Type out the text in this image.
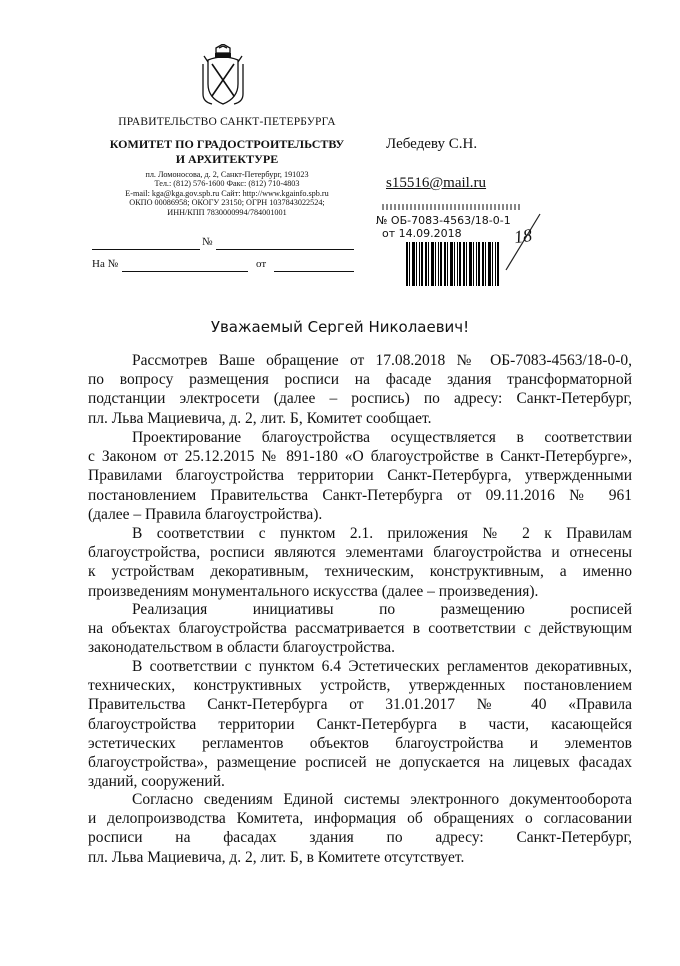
ПРАВИТЕЛЬСТВО САНКТ-ПЕТЕРБУРГА
КОМИТЕТ ПО ГРАДОСТРОИТЕЛЬСТВУ
И АРХИТЕКТУРЕ
пл. Ломоносова, д. 2, Санкт-Петербург, 191023
Тел.: (812) 576-1600 Факс: (812) 710-4803
E-mail: kga@kga.gov.spb.ru Сайт: http://www.kgainfo.spb.ru
ОКПО 00086958; ОКОГУ 23150; ОГРН 1037843022524;
ИНН/КПП 7830000994/784001001
№
На №	от
Лебедеву С.Н.
s15516@mail.ru
№ ОБ-7083-4563/18-0-1
от 14.09.2018	18
Уважаемый Сергей Николаевич!
Рассмотрев Ваше обращение от 17.08.2018 № ОБ-7083-4563/18-0-0,
по вопросу размещения росписи на фасаде здания трансформаторной
подстанции электросети (далее – роспись) по адресу: Санкт-Петербург,
пл. Льва Мациевича, д. 2, лит. Б, Комитет сообщает.
Проектирование благоустройства осуществляется в соответствии
с Законом от 25.12.2015 № 891-180 «О благоустройстве в Санкт-Петербурге»,
Правилами благоустройства территории Санкт-Петербурга, утвержденными
постановлением Правительства Санкт-Петербурга от 09.11.2016 № 961
(далее – Правила благоустройства).
В соответствии с пунктом 2.1. приложения № 2 к Правилам
благоустройства, росписи являются элементами благоустройства и отнесены
к устройствам декоративным, техническим, конструктивным, а именно
произведениям монументального искусства (далее – произведения).
Реализация инициативы по размещению росписей
на объектах благоустройства рассматривается в соответствии с действующим
законодательством в области благоустройства.
В соответствии с пунктом 6.4 Эстетических регламентов декоративных,
технических, конструктивных устройств, утвержденных постановлением
Правительства Санкт-Петербурга от 31.01.2017 № 40 «Правила
благоустройства территории Санкт-Петербурга в части, касающейся
эстетических регламентов объектов благоустройства и элементов
благоустройства», размещение росписей не допускается на лицевых фасадах
зданий, сооружений.
Согласно сведениям Единой системы электронного документооборота
и делопроизводства Комитета, информация об обращениях о согласовании
росписи на фасадах здания по адресу: Санкт-Петербург,
пл. Льва Мациевича, д. 2, лит. Б, в Комитете отсутствует.
